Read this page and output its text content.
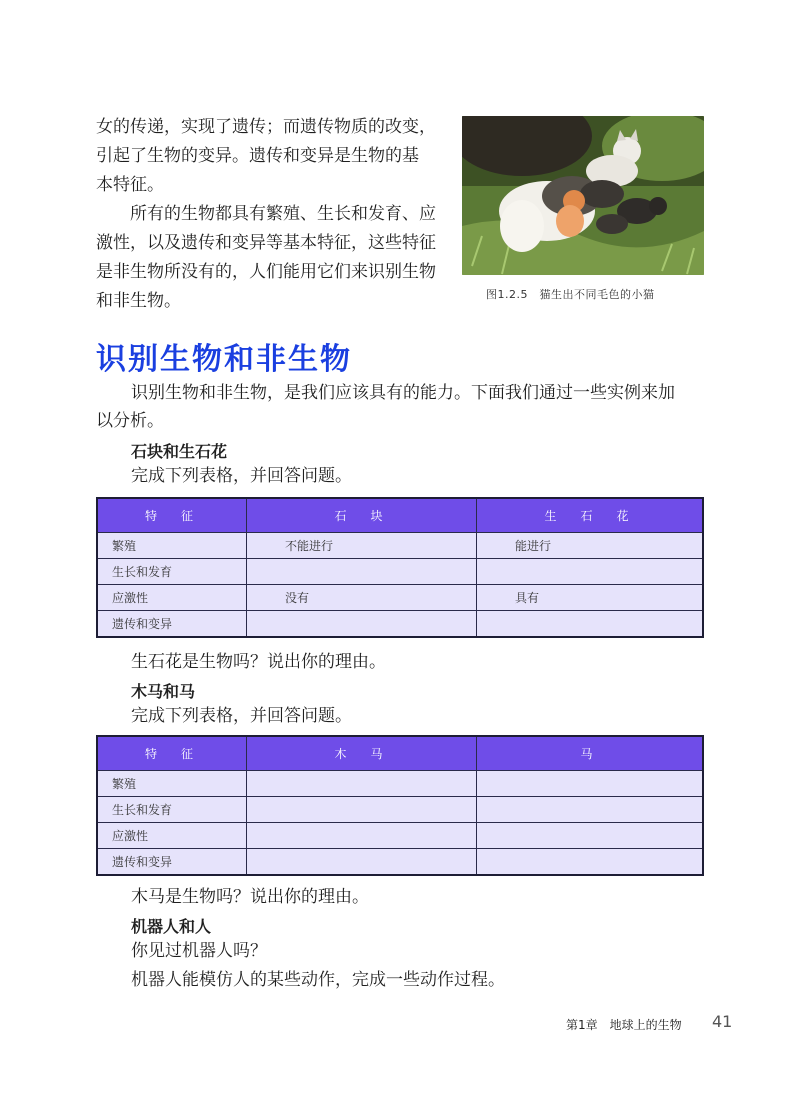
女的传递，实现了遗传；而遗传物质的改变，
引起了生物的变异。遗传和变异是生物的基
本特征。
所有的生物都具有繁殖、生长和发育、应
激性，以及遗传和变异等基本特征，这些特征
是非生物所没有的，人们能用它们来识别生物
和非生物。	图1.2.5　猫生出不同毛色的小猫
识别生物和非生物

识别生物和非生物，是我们应该具有的能力。下面我们通过一些实例来加

以分析。

石块和生石花

完成下列表格，并回答问题。

特　征	石　块	生　石　花
繁殖	不能进行	能进行
生长和发育		
应激性	没有	具有
遗传和变异		

生石花是生物吗？说出你的理由。

木马和马

完成下列表格，并回答问题。

特　征	木　马	马
繁殖		
生长和发育		
应激性		
遗传和变异		

木马是生物吗？说出你的理由。

机器人和人

你见过机器人吗？

机器人能模仿人的某些动作，完成一些动作过程。

第1章　地球上的生物 41
